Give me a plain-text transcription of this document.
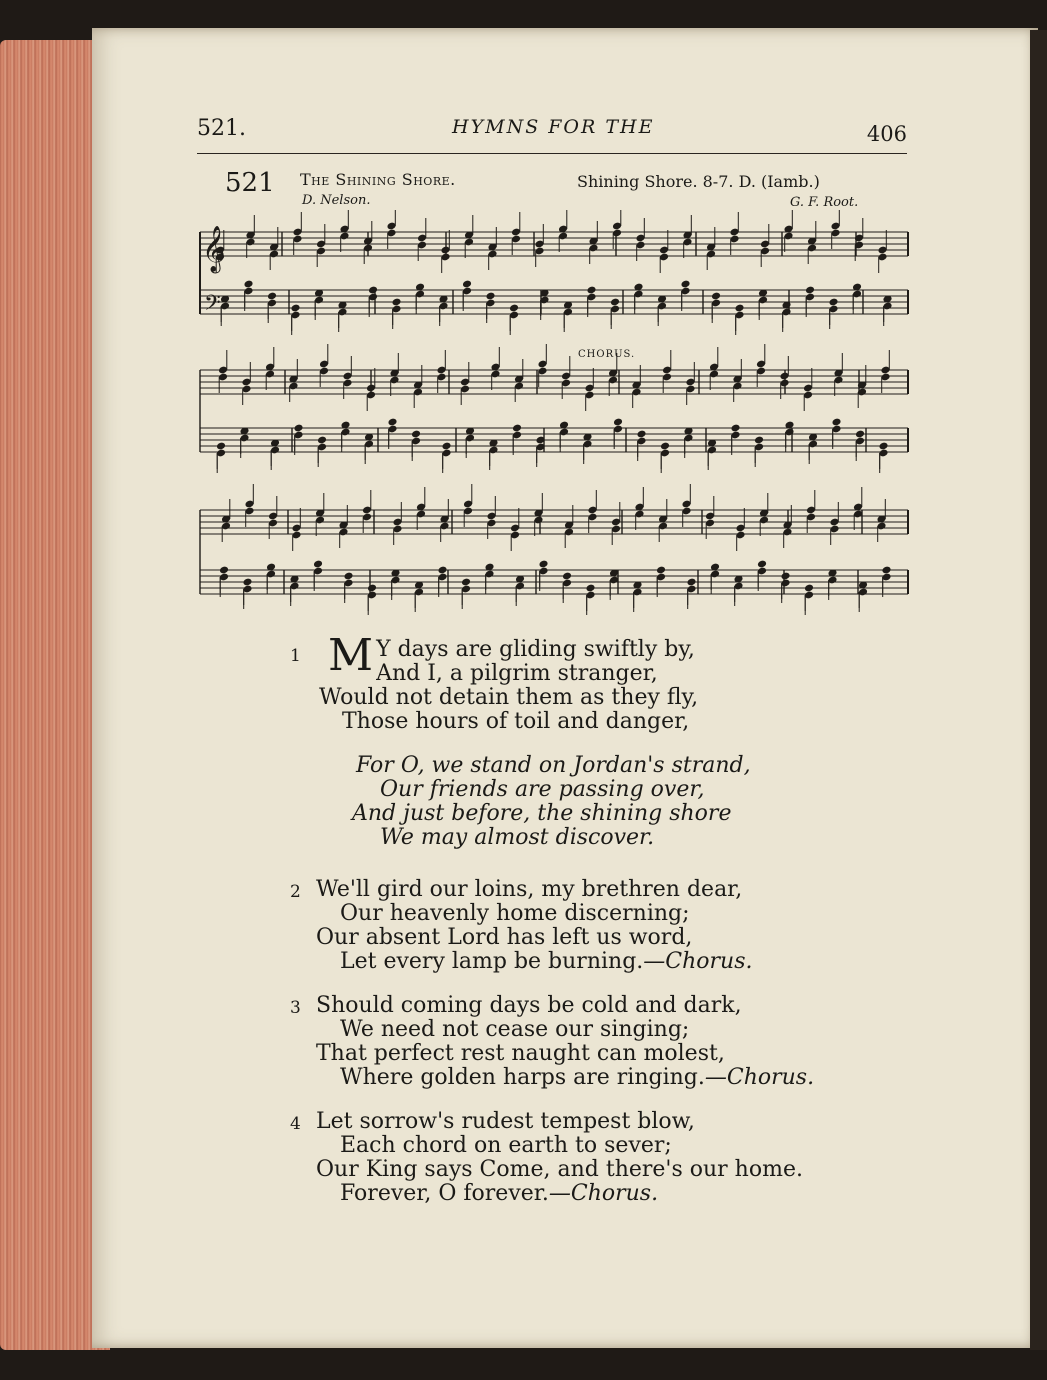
521.	HYMNS FOR THE	406
521 The Shining Shore.
D. Nelson.
Shining Shore. 8-7. D. (Iamb.)
G. F. Root.
CHORUS.
𝄞
𝄢
1 M Y days are gliding swiftly by,
And I, a pilgrim stranger,
Would not detain them as they fly,
Those hours of toil and danger,
For O, we stand on Jordan's strand,
Our friends are passing over,
And just before, the shining shore
We may almost discover.
2 We'll gird our loins, my brethren dear,
Our heavenly home discerning;
Our absent Lord has left us word,
Let every lamp be burning.—Chorus.
3 Should coming days be cold and dark,
We need not cease our singing;
That perfect rest naught can molest,
Where golden harps are ringing.—Chorus.
4 Let sorrow's rudest tempest blow,
Each chord on earth to sever;
Our King says Come, and there's our home.
Forever, O forever.—Chorus.
